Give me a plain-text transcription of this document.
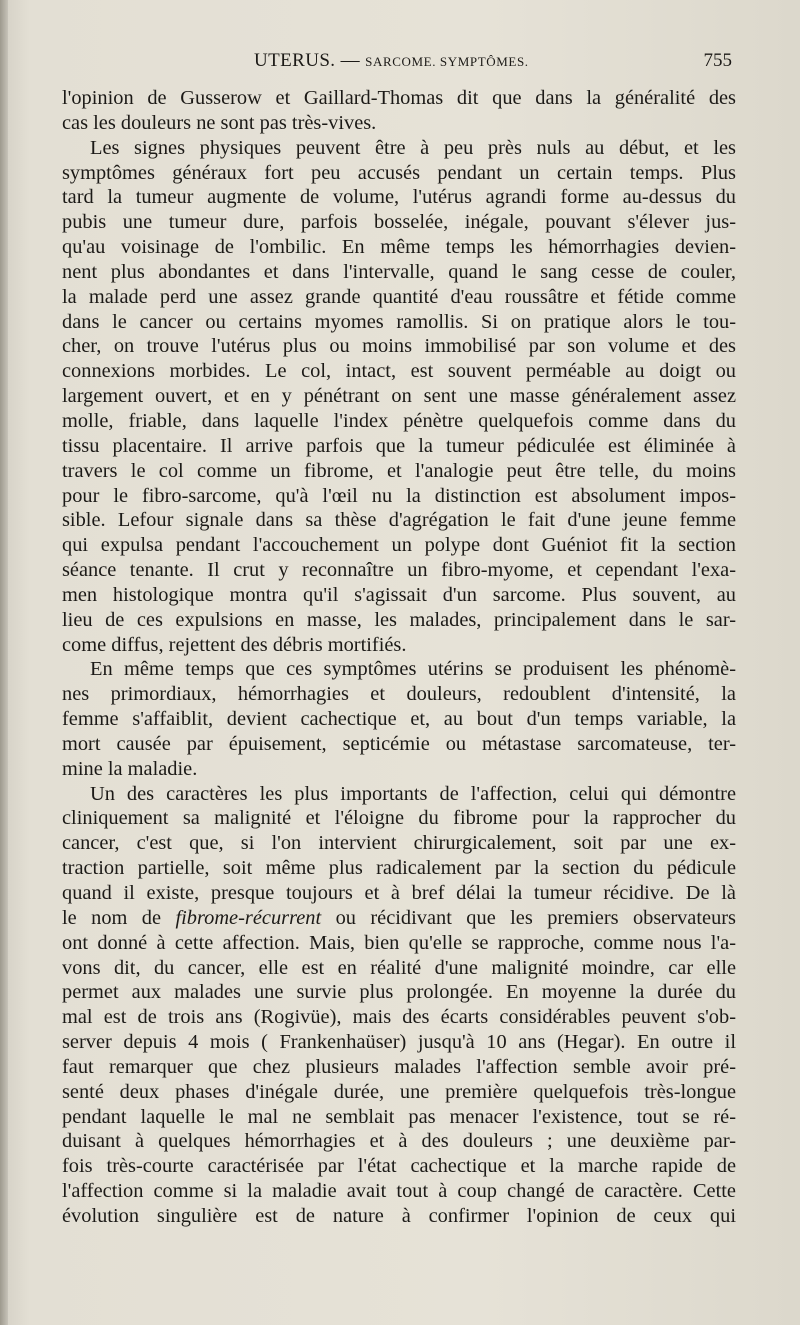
UTERUS. — SARCOME. SYMPTÔMES.	755
l'opinion de Gusserow et Gaillard-Thomas dit que dans la généralité des
cas les douleurs ne sont pas très-vives.
Les signes physiques peuvent être à peu près nuls au début, et les
symptômes généraux fort peu accusés pendant un certain temps. Plus
tard la tumeur augmente de volume, l'utérus agrandi forme au-dessus du
pubis une tumeur dure, parfois bosselée, inégale, pouvant s'élever jus-
qu'au voisinage de l'ombilic. En même temps les hémorrhagies devien-
nent plus abondantes et dans l'intervalle, quand le sang cesse de couler,
la malade perd une assez grande quantité d'eau roussâtre et fétide comme
dans le cancer ou certains myomes ramollis. Si on pratique alors le tou-
cher, on trouve l'utérus plus ou moins immobilisé par son volume et des
connexions morbides. Le col, intact, est souvent perméable au doigt ou
largement ouvert, et en y pénétrant on sent une masse généralement assez
molle, friable, dans laquelle l'index pénètre quelquefois comme dans du
tissu placentaire. Il arrive parfois que la tumeur pédiculée est éliminée à
travers le col comme un fibrome, et l'analogie peut être telle, du moins
pour le fibro-sarcome, qu'à l'œil nu la distinction est absolument impos-
sible. Lefour signale dans sa thèse d'agrégation le fait d'une jeune femme
qui expulsa pendant l'accouchement un polype dont Guéniot fit la section
séance tenante. Il crut y reconnaître un fibro-myome, et cependant l'exa-
men histologique montra qu'il s'agissait d'un sarcome. Plus souvent, au
lieu de ces expulsions en masse, les malades, principalement dans le sar-
come diffus, rejettent des débris mortifiés.
En même temps que ces symptômes utérins se produisent les phénomè-
nes primordiaux, hémorrhagies et douleurs, redoublent d'intensité, la
femme s'affaiblit, devient cachectique et, au bout d'un temps variable, la
mort causée par épuisement, septicémie ou métastase sarcomateuse, ter-
mine la maladie.
Un des caractères les plus importants de l'affection, celui qui démontre
cliniquement sa malignité et l'éloigne du fibrome pour la rapprocher du
cancer, c'est que, si l'on intervient chirurgicalement, soit par une ex-
traction partielle, soit même plus radicalement par la section du pédicule
quand il existe, presque toujours et à bref délai la tumeur récidive. De là
le nom de fibrome-récurrent ou récidivant que les premiers observateurs
ont donné à cette affection. Mais, bien qu'elle se rapproche, comme nous l'a-
vons dit, du cancer, elle est en réalité d'une malignité moindre, car elle
permet aux malades une survie plus prolongée. En moyenne la durée du
mal est de trois ans (Rogivüe), mais des écarts considérables peuvent s'ob-
server depuis 4 mois ( Frankenhaüser) jusqu'à 10 ans (Hegar). En outre il
faut remarquer que chez plusieurs malades l'affection semble avoir pré-
senté deux phases d'inégale durée, une première quelquefois très-longue
pendant laquelle le mal ne semblait pas menacer l'existence, tout se ré-
duisant à quelques hémorrhagies et à des douleurs ; une deuxième par-
fois très-courte caractérisée par l'état cachectique et la marche rapide de
l'affection comme si la maladie avait tout à coup changé de caractère. Cette
évolution singulière est de nature à confirmer l'opinion de ceux qui
